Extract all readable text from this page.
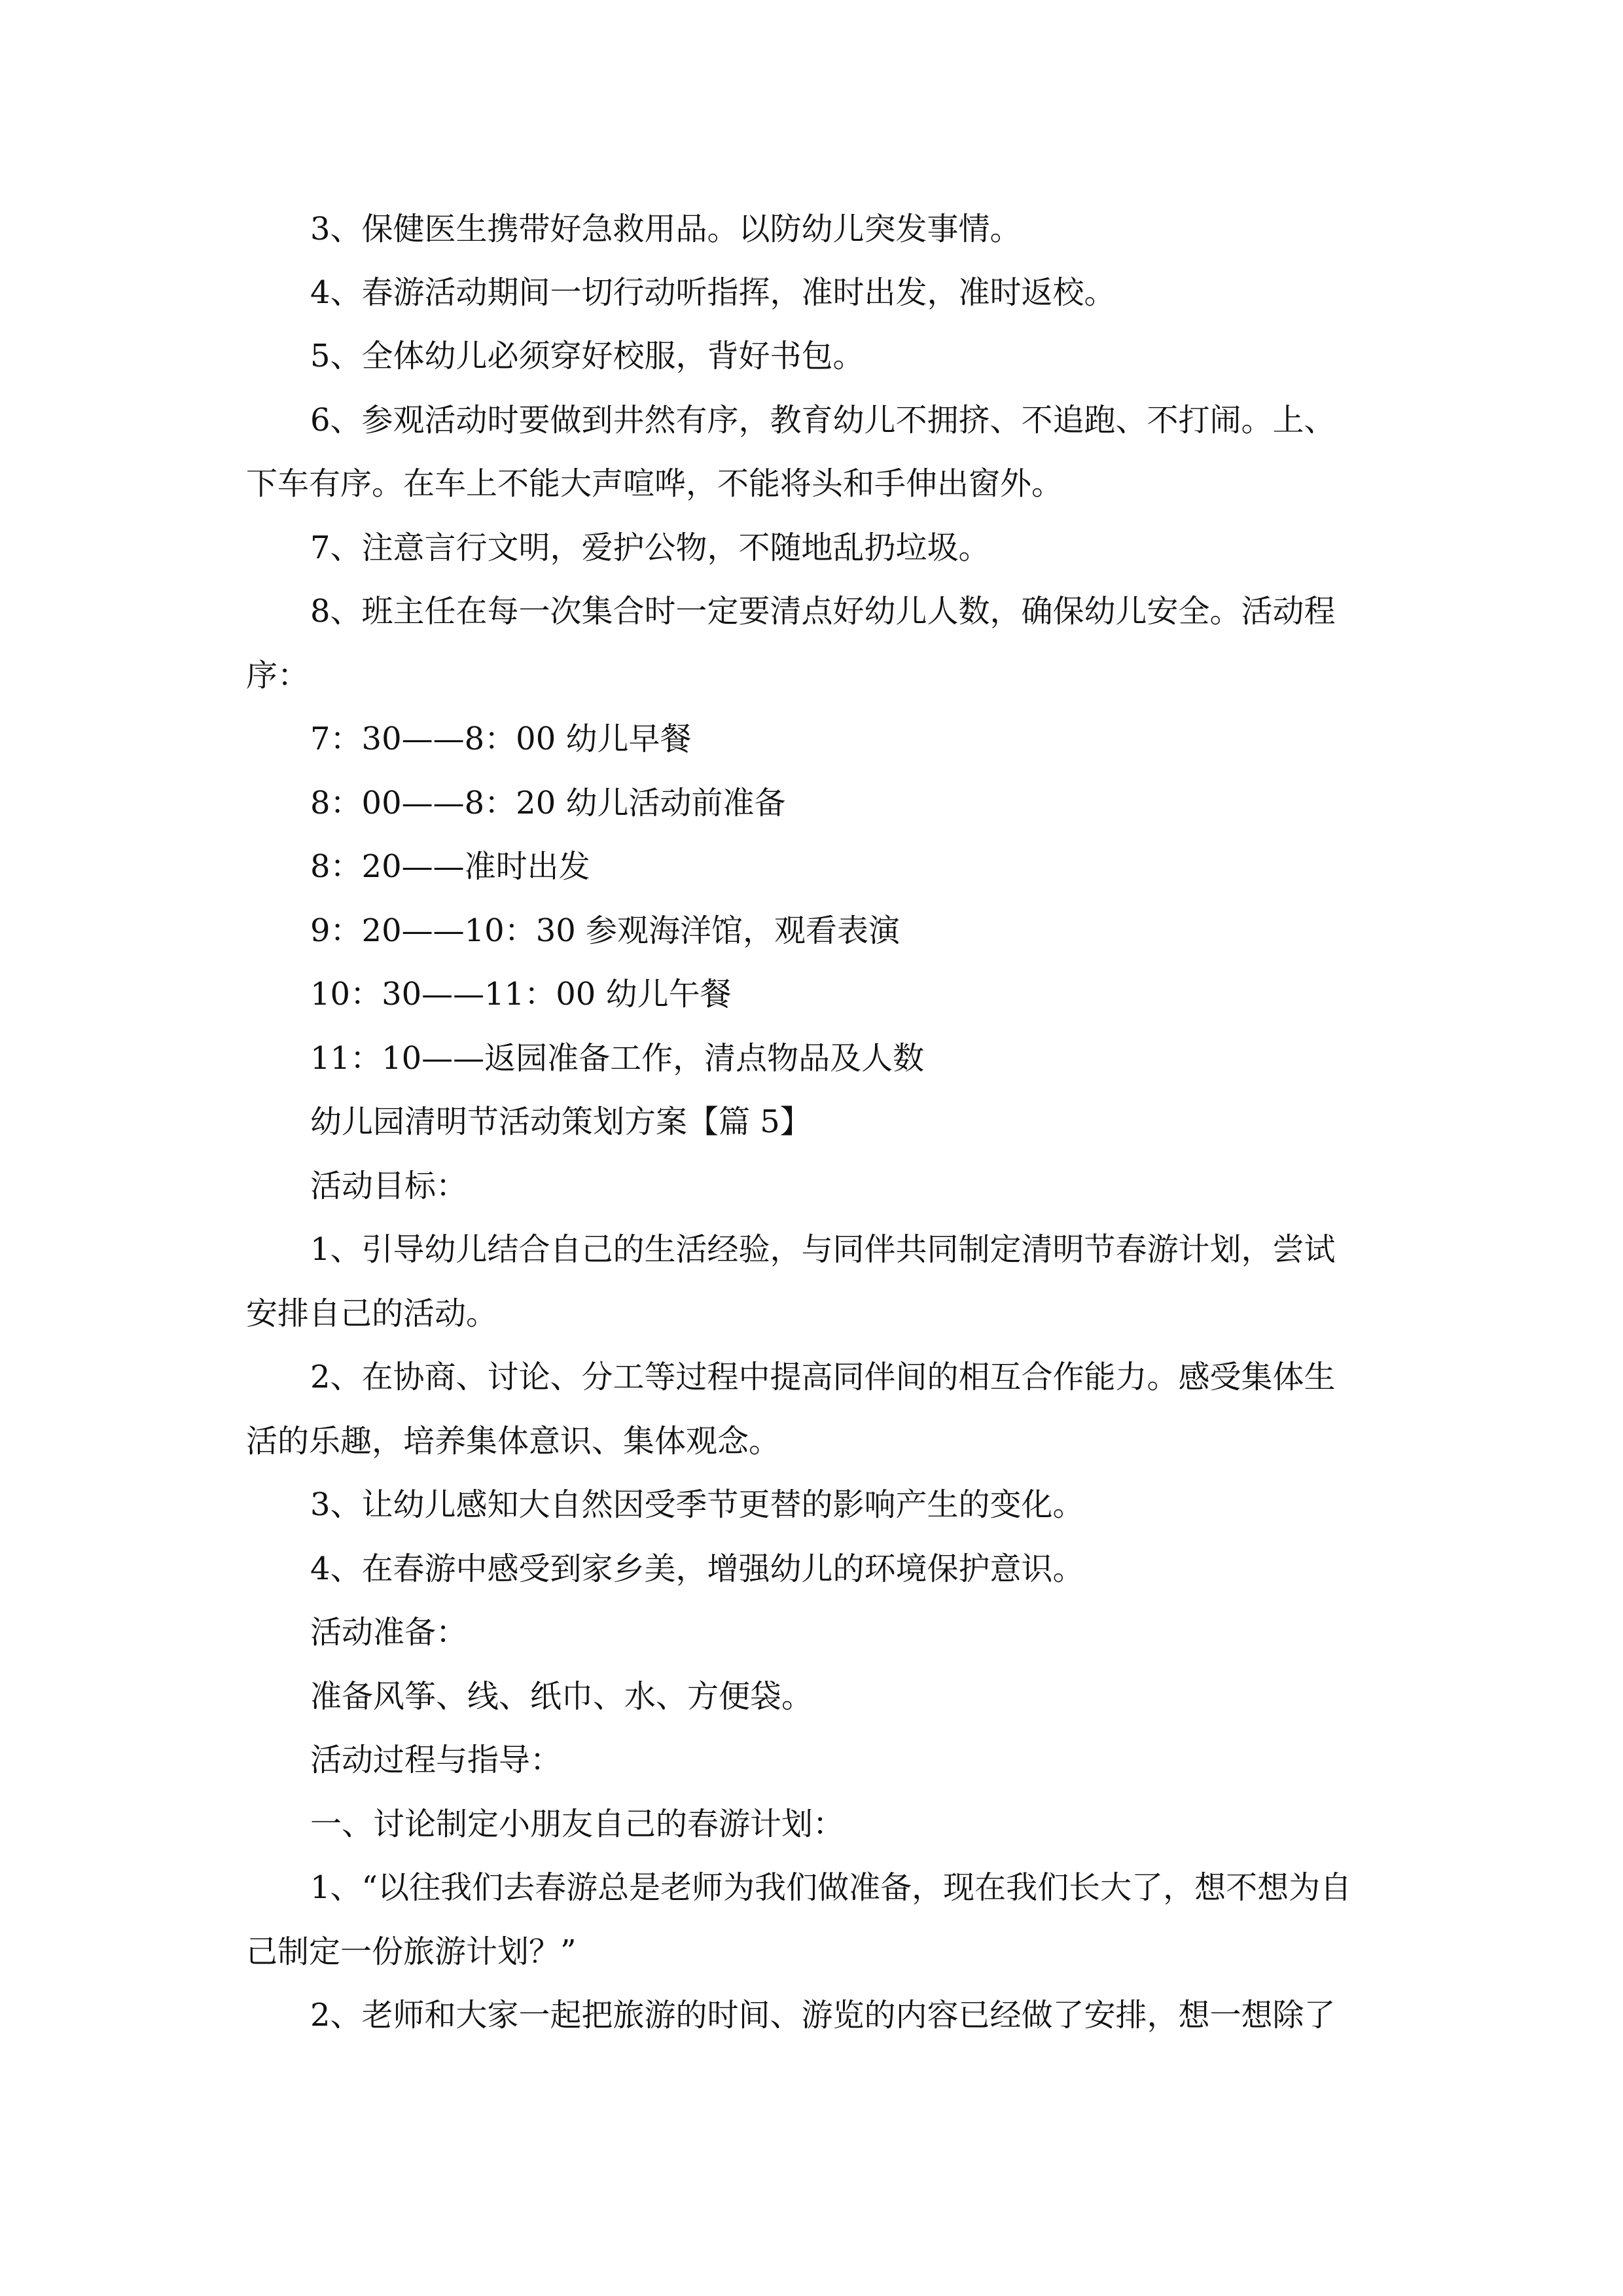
3、保健医生携带好急救用品。以防幼儿突发事情。
4、春游活动期间一切行动听指挥，准时出发，准时返校。
5、全体幼儿必须穿好校服，背好书包。
6、参观活动时要做到井然有序，教育幼儿不拥挤、不追跑、不打闹。上、
下车有序。在车上不能大声喧哗，不能将头和手伸出窗外。
7、注意言行文明，爱护公物，不随地乱扔垃圾。
8、班主任在每一次集合时一定要清点好幼儿人数，确保幼儿安全。活动程
序：
7：30——8：00 幼儿早餐
8：00——8：20 幼儿活动前准备
8：20——准时出发
9：20——10：30 参观海洋馆，观看表演
10：30——11：00 幼儿午餐
11：10——返园准备工作，清点物品及人数
幼儿园清明节活动策划方案【篇 5】
活动目标：
1、引导幼儿结合自己的生活经验，与同伴共同制定清明节春游计划，尝试
安排自己的活动。
2、在协商、讨论、分工等过程中提高同伴间的相互合作能力。感受集体生
活的乐趣，培养集体意识、集体观念。
3、让幼儿感知大自然因受季节更替的影响产生的变化。
4、在春游中感受到家乡美，增强幼儿的环境保护意识。
活动准备：
准备风筝、线、纸巾、水、方便袋。
活动过程与指导：
一、讨论制定小朋友自己的春游计划：
1、“以往我们去春游总是老师为我们做准备，现在我们长大了，想不想为自
己制定一份旅游计划？”
2、老师和大家一起把旅游的时间、游览的内容已经做了安排，想一想除了
